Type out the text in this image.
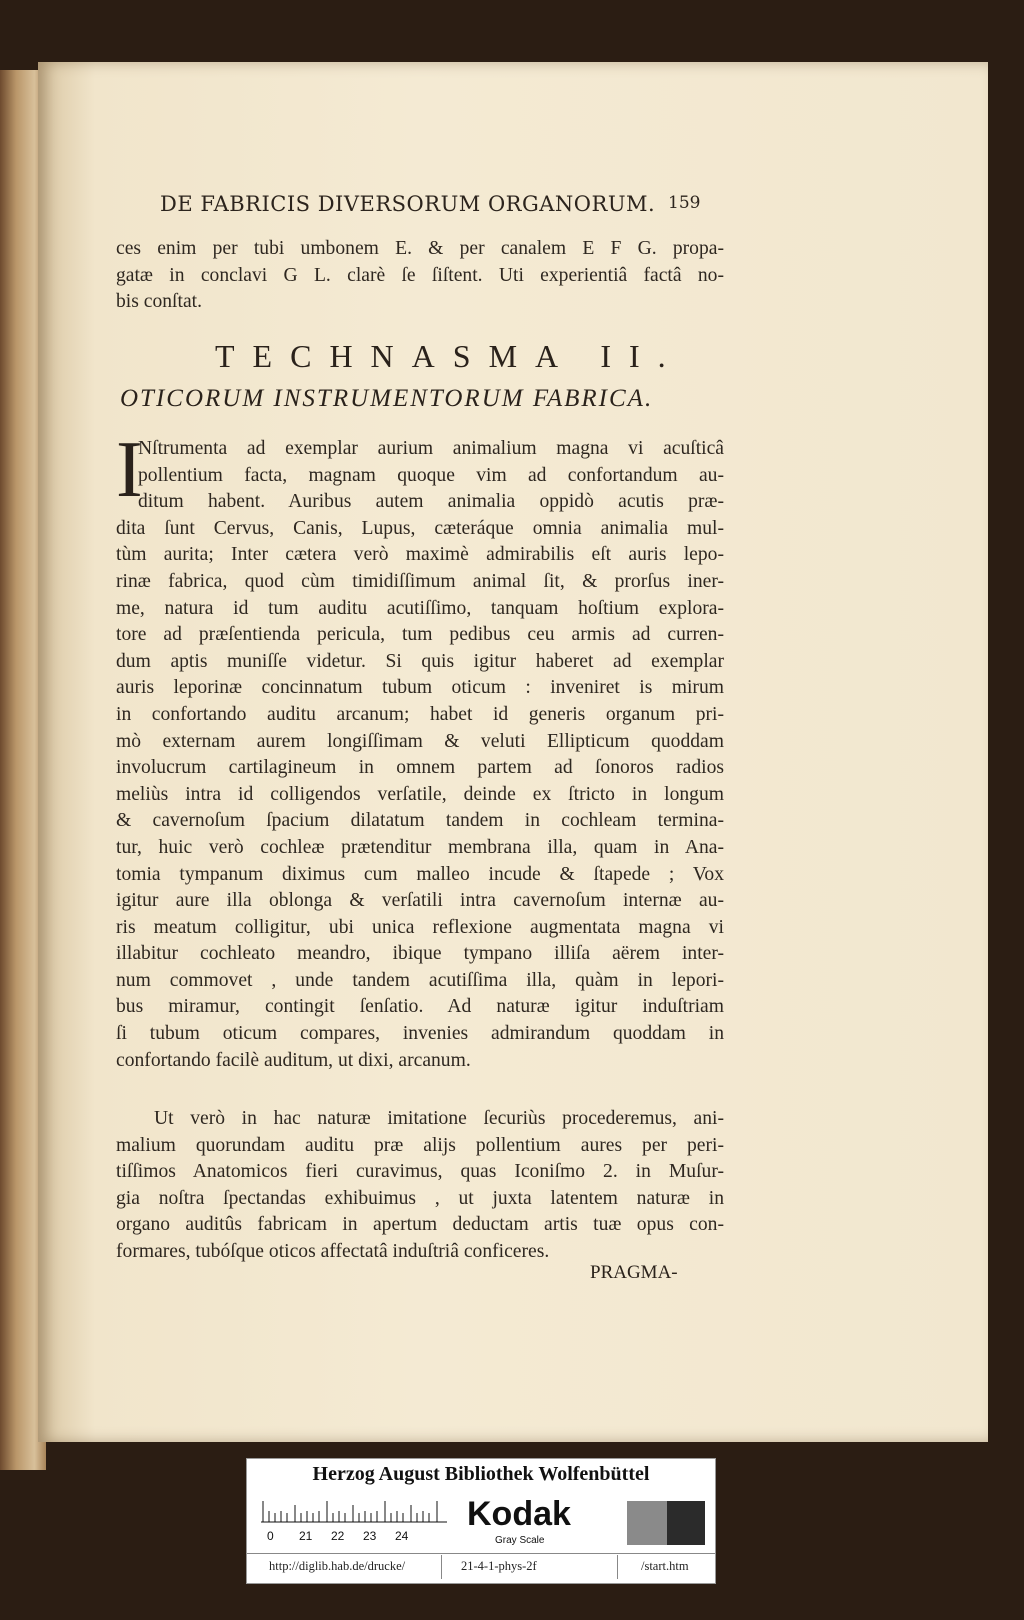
DE FABRICIS DIVERSORUM ORGANORUM. 159
ces enim per tubi umbonem E. & per canalem E F G. propa-
gatæ in conclavi G L. clarè ſe ſiſtent. Uti experientiâ factâ no-
bis conſtat.
TECHNASMA II.
OTICORUM INSTRUMENTORUM FABRICA.
I
Nſtrumenta ad exemplar aurium animalium magna vi acuſticâ
pollentium facta, magnam quoque vim ad confortandum au-
ditum habent. Auribus autem animalia oppidò acutis præ-
dita ſunt Cervus, Canis, Lupus, cæteráque omnia animalia mul-
tùm aurita; Inter cætera verò maximè admirabilis eſt auris lepo-
rinæ fabrica, quod cùm timidiſſimum animal ſit, & prorſus iner-
me, natura id tum auditu acutiſſimo, tanquam hoſtium explora-
tore ad præſentienda pericula, tum pedibus ceu armis ad curren-
dum aptis muniſſe videtur. Si quis igitur haberet ad exemplar
auris leporinæ concinnatum tubum oticum : inveniret is mirum
in confortando auditu arcanum; habet id generis organum pri-
mò externam aurem longiſſimam & veluti Ellipticum quoddam
involucrum cartilagineum in omnem partem ad ſonoros radios
meliùs intra id colligendos verſatile, deinde ex ſtricto in longum
& cavernoſum ſpacium dilatatum tandem in cochleam termina-
tur, huic verò cochleæ prætenditur membrana illa, quam in Ana-
tomia tympanum diximus cum malleo incude & ſtapede ; Vox
igitur aure illa oblonga & verſatili intra cavernoſum internæ au-
ris meatum colligitur, ubi unica reflexione augmentata magna vi
illabitur cochleato meandro, ibique tympano illiſa aërem inter-
num commovet , unde tandem acutiſſima illa, quàm in lepori-
bus miramur, contingit ſenſatio. Ad naturæ igitur induſtriam
ſi tubum oticum compares, invenies admirandum quoddam in
confortando facilè auditum, ut dixi, arcanum.
Ut verò in hac naturæ imitatione ſecuriùs procederemus, ani-
malium quorundam auditu præ alijs pollentium aures per peri-
tiſſimos Anatomicos fieri curavimus, quas Iconiſmo 2. in Muſur-
gia noſtra ſpectandas exhibuimus , ut juxta latentem naturæ in
organo auditûs fabricam in apertum deductam artis tuæ opus con-
formares, tubóſque oticos affectatâ induſtriâ conficeres.
PRAGMA-
Herzog August Bibliothek Wolfenbüttel
0 21 22 23 24
Kodak
Gray Scale
http://diglib.hab.de/drucke/	21-4-1-phys-2f	/start.htm
